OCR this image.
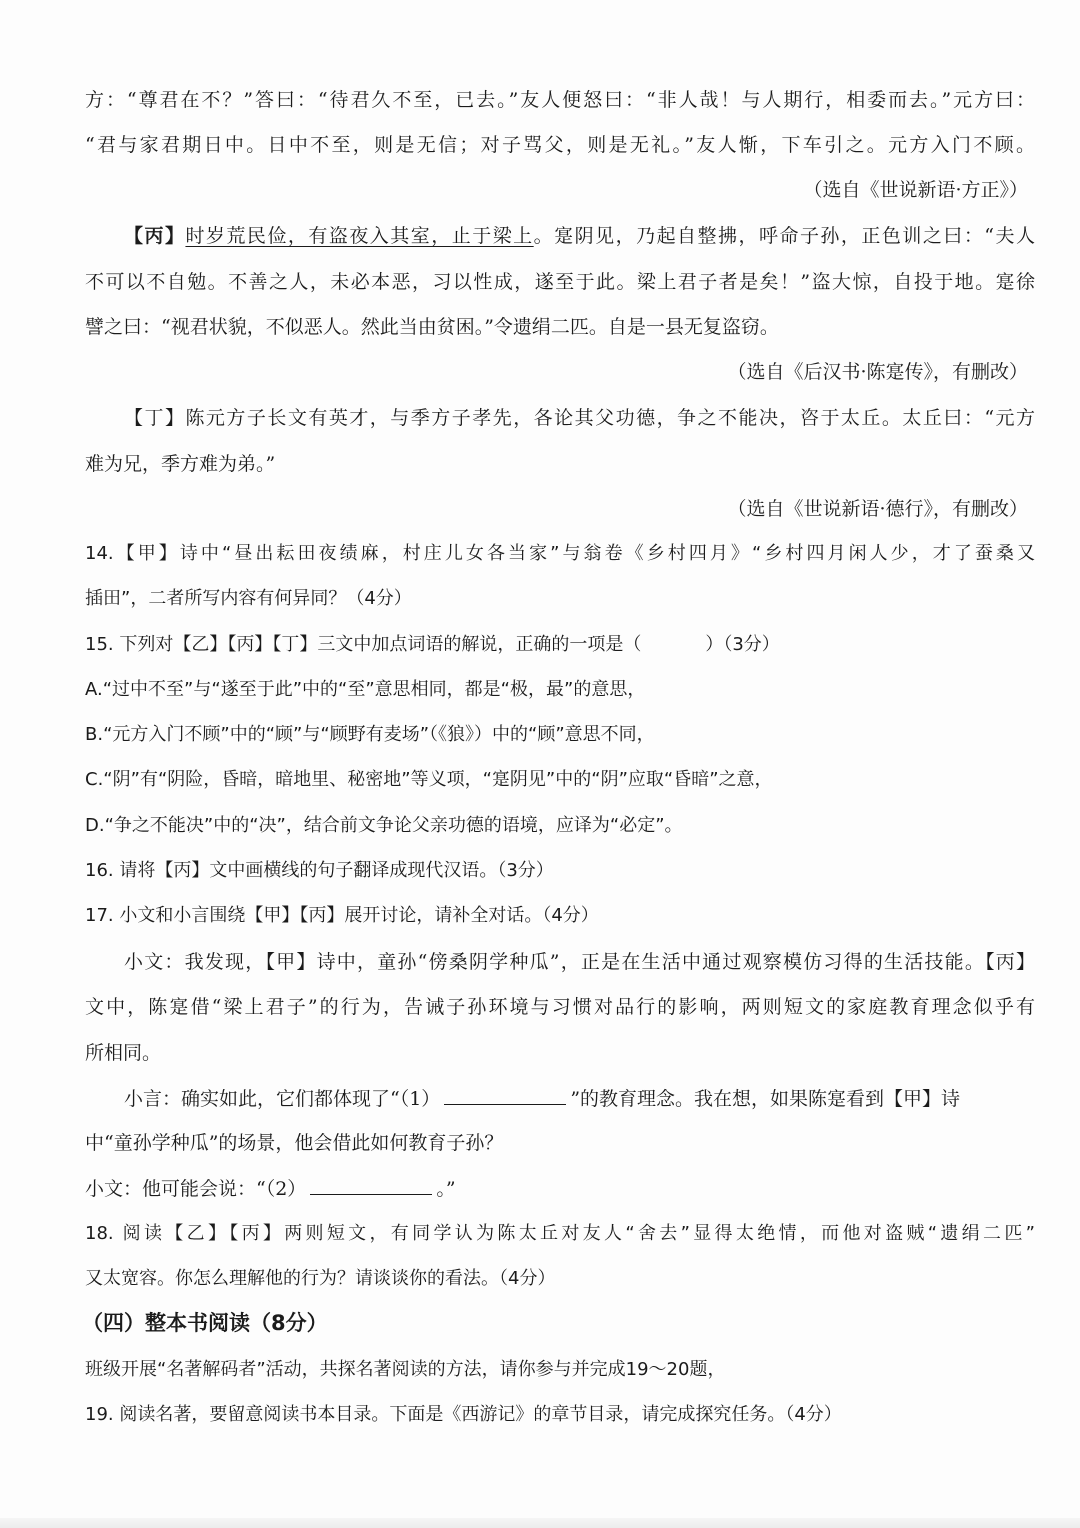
方：“尊君在不？”答曰：“待君久不至，已去。”友人便怒曰：“非人哉！与人期行，相委而去。”元方曰：
“君与家君期日中。日中不至，则是无信；对子骂父，则是无礼。”友人惭，下车引之。元方入门不顾。
（选自《世说新语·方正》）
【丙】时岁荒民俭，有盗夜入其室，止于梁上。寔阴见，乃起自整拂，呼命子孙，正色训之曰：“夫人
不可以不自勉。不善之人，未必本恶，习以性成，遂至于此。梁上君子者是矣！”盗大惊，自投于地。寔徐
譬之曰：“视君状貌，不似恶人。然此当由贫困。”令遗绢二匹。自是一县无复盗窃。
（选自《后汉书·陈寔传》，有删改）
【丁】陈元方子长文有英才，与季方子孝先，各论其父功德，争之不能决，咨于太丘。太丘曰：“元方
难为兄，季方难为弟。”
（选自《世说新语·德行》，有删改）
14.【甲】诗中“昼出耘田夜绩麻，村庄儿女各当家”与翁卷《乡村四月》“乡村四月闲人少，才了蚕桑又
插田”，二者所写内容有何异同？（4分）
15. 下列对【乙】【丙】【丁】三文中加点词语的解说，正确的一项是（	）（3分）
A.“过中不至”与“遂至于此”中的“至”意思相同，都是“极，最”的意思，
B.“元方入门不顾”中的“顾”与“顾野有麦场”（《狼》）中的“顾”意思不同，
C.“阴”有“阴险，昏暗，暗地里、秘密地”等义项，“寔阴见”中的“阴”应取“昏暗”之意，
D.“争之不能决”中的“决”，结合前文争论父亲功德的语境，应译为“必定”。
16. 请将【丙】文中画横线的句子翻译成现代汉语。（3分）
17. 小文和小言围绕【甲】【丙】展开讨论，请补全对话。（4分）
小文：我发现，【甲】诗中，童孙“傍桑阴学种瓜”，正是在生活中通过观察模仿习得的生活技能。【丙】
文中，陈寔借“梁上君子”的行为，告诫子孙环境与习惯对品行的影响，两则短文的家庭教育理念似乎有
所相同。
小言：确实如此，它们都体现了“（1）	”的教育理念。我在想，如果陈寔看到【甲】诗
中“童孙学种瓜”的场景，他会借此如何教育子孙？
小文：他可能会说：“（2）	。”
18. 阅读【乙】【丙】两则短文，有同学认为陈太丘对友人“舍去”显得太绝情，而他对盗贼“遗绢二匹”
又太宽容。你怎么理解他的行为？请谈谈你的看法。（4分）
（四）整本书阅读（8分）
班级开展“名著解码者”活动，共探名著阅读的方法，请你参与并完成19～20题，
19. 阅读名著，要留意阅读书本目录。下面是《西游记》的章节目录，请完成探究任务。（4分）
